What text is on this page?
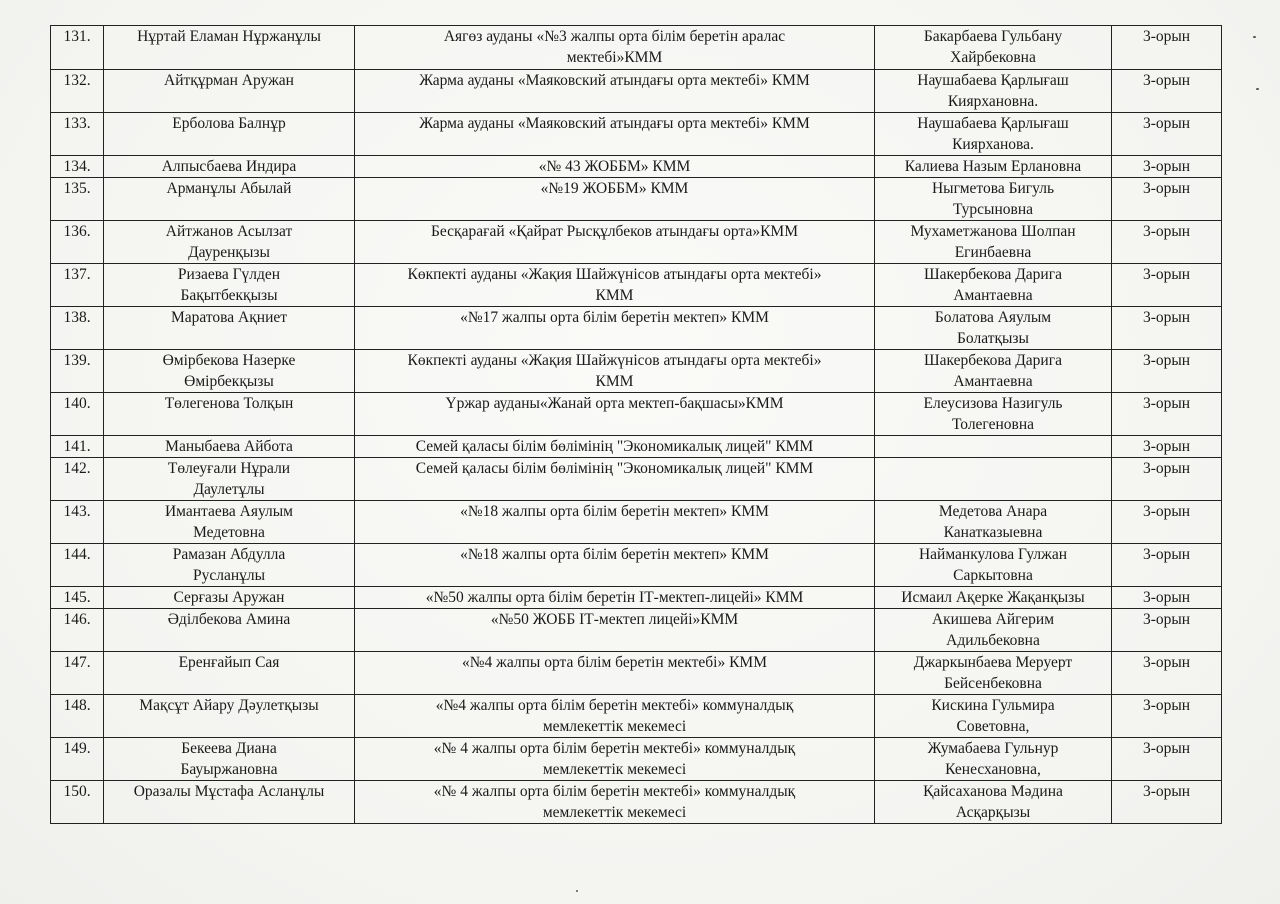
131.	Нұртай Еламан Нұржанұлы	Аягөз ауданы «№3 жалпы орта білім беретін аралас
мектебі»КММ	Бакарбаева Гульбану
Хайрбековна	3-орын
132.	Айтқұрман Аружан	Жарма ауданы «Маяковский атындағы орта мектебі» КММ	Наушабаева Қарлығаш
Киярхановна.	3-орын
133.	Ерболова Балнұр	Жарма ауданы «Маяковский атындағы орта мектебі» КММ	Наушабаева Қарлығаш
Киярханова.	3-орын
134.	Алпысбаева Индира	«№ 43 ЖОББМ» КММ	Калиева Назым Ерлановна	3-орын
135.	Арманұлы Абылай	«№19 ЖОББМ» КММ	Ныгметова Бигуль
Турсыновна	3-орын
136.	Айтжанов Асылзат
Дауренқызы	Бесқарағай «Қайрат Рысқұлбеков атындағы орта»КММ	Мухаметжанова Шолпан
Егинбаевна	3-орын
137.	Ризаева Гүлден
Бақытбекқызы	Көкпекті ауданы «Жақия Шайжүнісов атындағы орта мектебі»
КММ	Шакербекова Дарига
Амантаевна	3-орын
138.	Маратова Ақниет	«№17 жалпы орта білім беретін мектеп» КММ	Болатова Аяулым
Болатқызы	3-орын
139.	Өмірбекова Назерке
Өмірбекқызы	Көкпекті ауданы «Жақия Шайжүнісов атындағы орта мектебі»
КММ	Шакербекова Дарига
Амантаевна	3-орын
140.	Төлегенова Толқын	Үржар ауданы«Жанай орта мектеп-бақшасы»КММ	Елеусизова Назигуль
Толегеновна	3-орын
141.	Маныбаева Айбота	Семей қаласы білім бөлімінің "Экономикалық лицей" КММ		3-орын
142.	Төлеуғали Нұрали
Даулетұлы	Семей қаласы білім бөлімінің "Экономикалық лицей" КММ		3-орын
143.	Имантаева Аяулым
Медетовна	«№18 жалпы орта білім беретін мектеп» КММ	Медетова Анара
Канатказыевна	3-орын
144.	Рамазан Абдулла
Русланұлы	«№18 жалпы орта білім беретін мектеп» КММ	Найманкулова Гулжан
Саркытовна	3-орын
145.	Серғазы Аружан	«№50 жалпы орта білім беретін ІТ-мектеп-лицейі» КММ	Исмаил Ақерке Жақанқызы	3-орын
146.	Әділбекова Амина	«№50 ЖОББ ІТ-мектеп лицейі»КММ	Акишева Айгерим
Адильбековна	3-орын
147.	Еренғайып Сая	«№4 жалпы орта білім беретін мектебі» КММ	Джаркынбаева Меруерт
Бейсенбековна	3-орын
148.	Мақсұт Айару Дәулетқызы	«№4 жалпы орта білім беретін мектебі» коммуналдық
мемлекеттік мекемесі	Кискина Гульмира
Советовна,	3-орын
149.	Бекеева Диана
Бауыржановна	«№ 4 жалпы орта білім беретін мектебі» коммуналдық
мемлекеттік мекемесі	Жумабаева Гульнур
Кенесхановна,	3-орын
150.	Оразалы Мұстафа Асланұлы	«№ 4 жалпы орта білім беретін мектебі» коммуналдық
мемлекеттік мекемесі	Қайсаханова Мәдина
Асқарқызы	3-орын
